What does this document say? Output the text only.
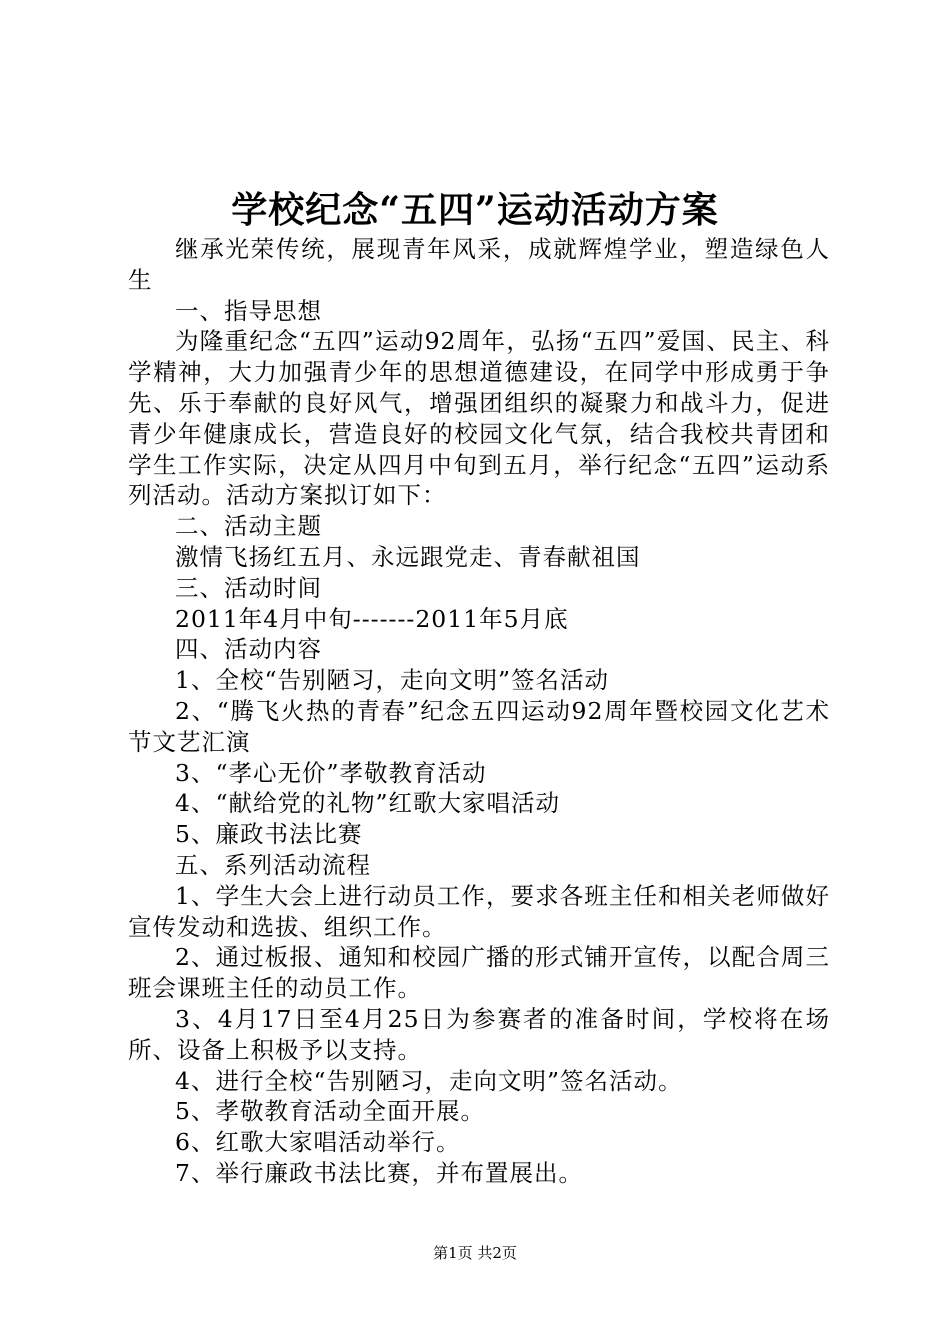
学校纪念“五四”运动活动方案

继承光荣传统，展现青年风采，成就辉煌学业，塑造绿色人生

一、指导思想

为隆重纪念“五四”运动92周年，弘扬“五四”爱国、民主、科学精神，大力加强青少年的思想道德建设，在同学中形成勇于争先、乐于奉献的良好风气，增强团组织的凝聚力和战斗力，促进青少年健康成长，营造良好的校园文化气氛，结合我校共青团和学生工作实际，决定从四月中旬到五月，举行纪念“五四”运动系列活动。活动方案拟订如下：

二、活动主题

激情飞扬红五月、永远跟党走、青春献祖国

三、活动时间

2011年4月中旬-------2011年5月底

四、活动内容

1、全校“告别陋习，走向文明”签名活动

2、“腾飞火热的青春”纪念五四运动92周年暨校园文化艺术节文艺汇演

3、“孝心无价”孝敬教育活动

4、“献给党的礼物”红歌大家唱活动

5、廉政书法比赛

五、系列活动流程

1、学生大会上进行动员工作，要求各班主任和相关老师做好宣传发动和选拔、组织工作。

2、通过板报、通知和校园广播的形式铺开宣传，以配合周三班会课班主任的动员工作。

3、4月17日至4月25日为参赛者的准备时间，学校将在场所、设备上积极予以支持。

4、进行全校“告别陋习，走向文明”签名活动。

5、孝敬教育活动全面开展。

6、红歌大家唱活动举行。

7、举行廉政书法比赛，并布置展出。

第1页 共2页
